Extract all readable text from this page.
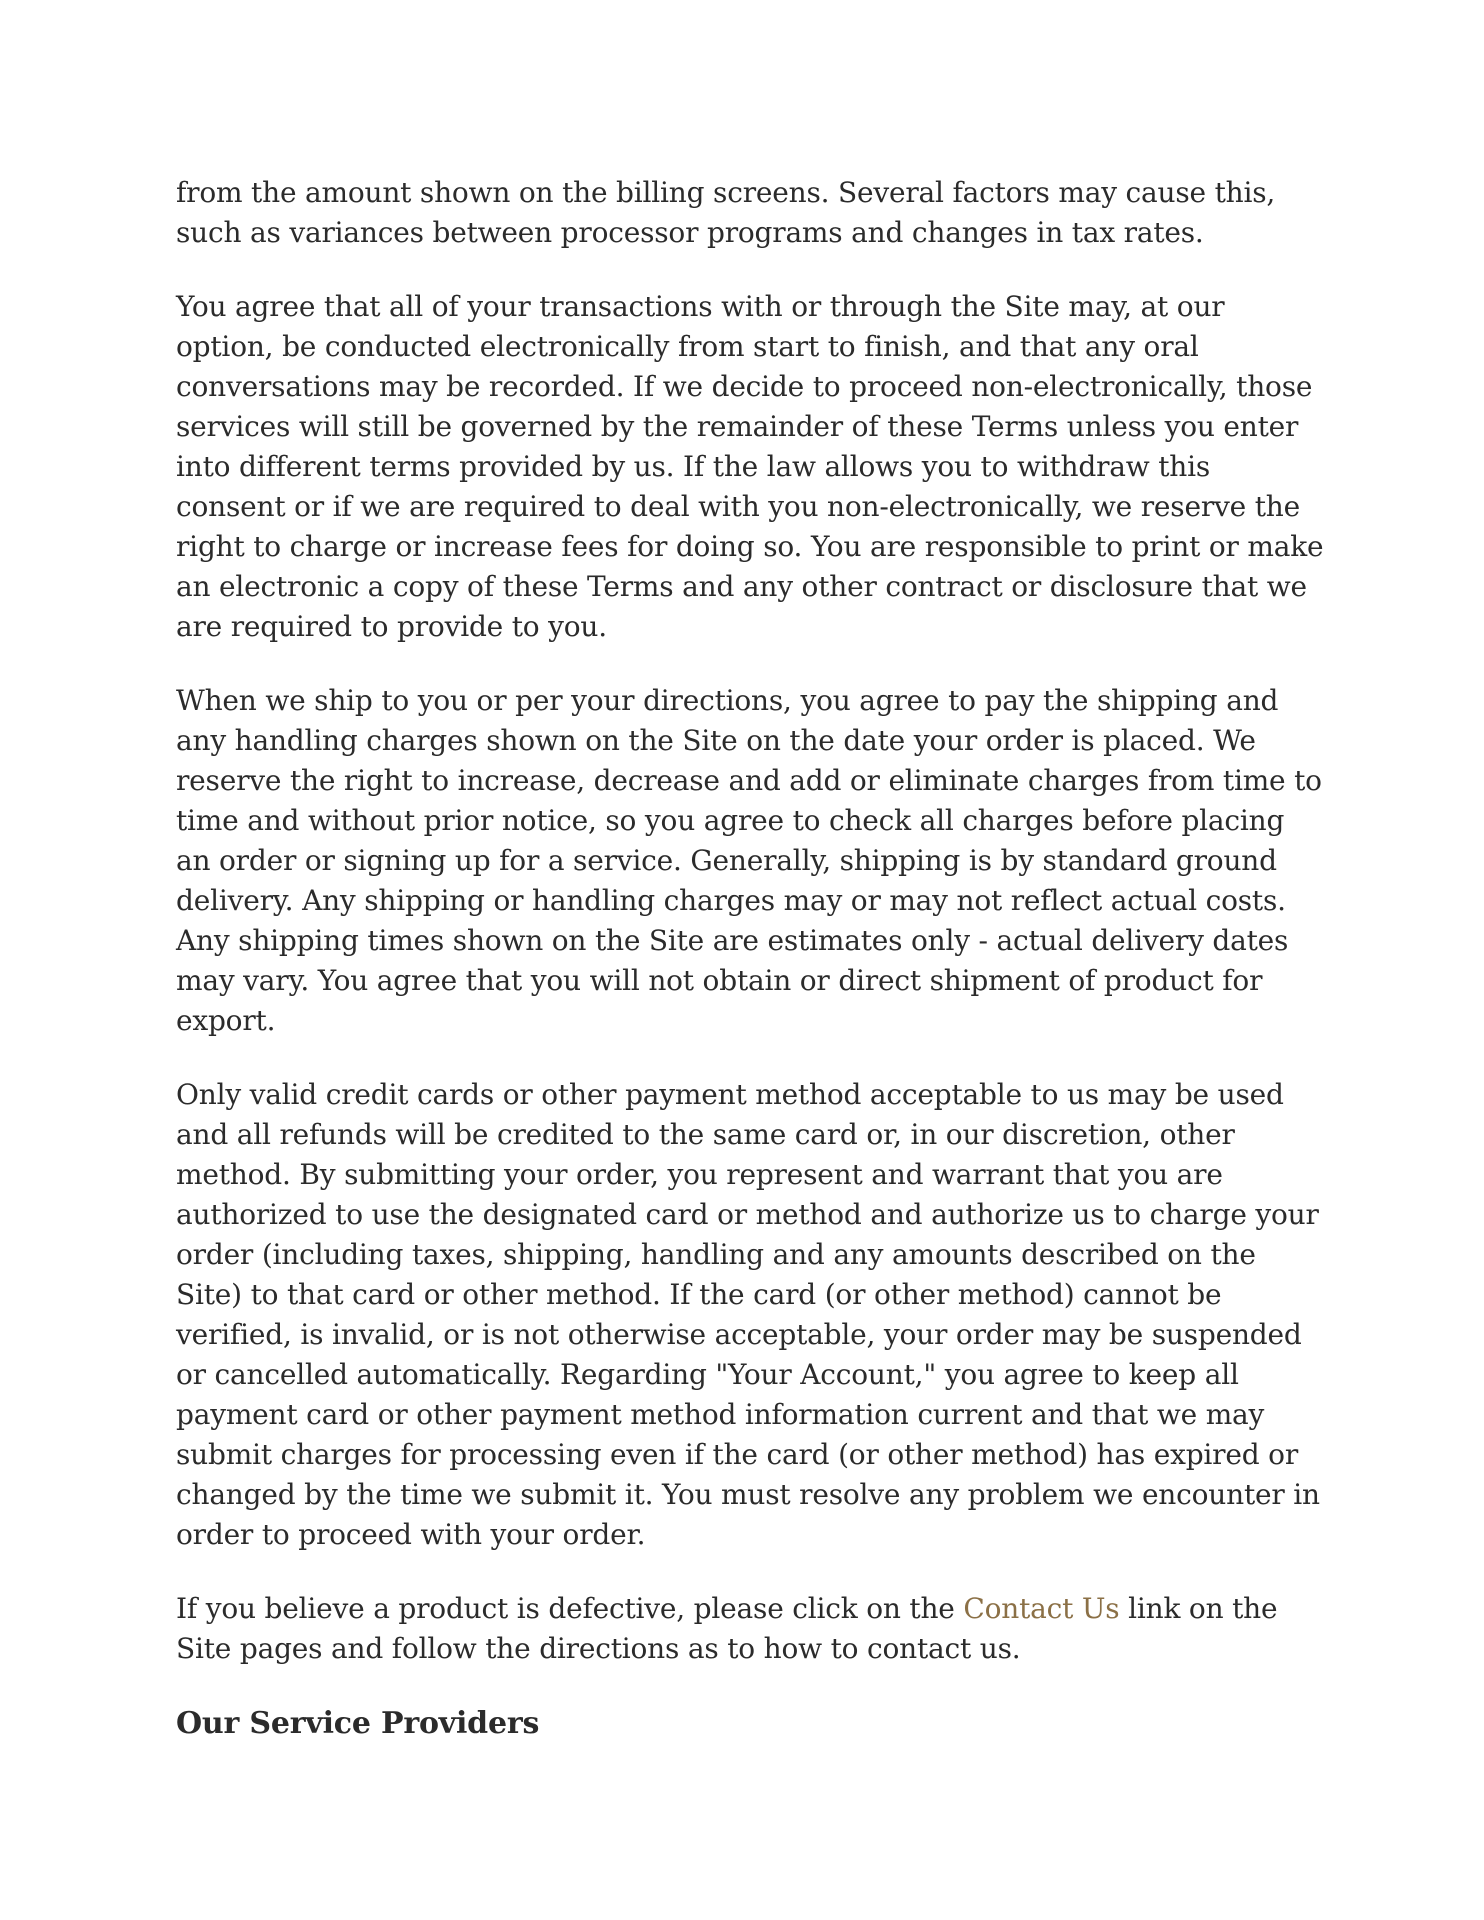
from the amount shown on the billing screens. Several factors may cause this, such as variances between processor programs and changes in tax rates.

You agree that all of your transactions with or through the Site may, at our option, be conducted electronically from start to finish, and that any oral conversations may be recorded. If we decide to proceed non-electronically, those services will still be governed by the remainder of these Terms unless you enter into different terms provided by us. If the law allows you to withdraw this consent or if we are required to deal with you non-electronically, we reserve the right to charge or increase fees for doing so. You are responsible to print or make an electronic a copy of these Terms and any other contract or disclosure that we are required to provide to you.

When we ship to you or per your directions, you agree to pay the shipping and any handling charges shown on the Site on the date your order is placed. We reserve the right to increase, decrease and add or eliminate charges from time to time and without prior notice, so you agree to check all charges before placing an order or signing up for a service. Generally, shipping is by standard ground delivery. Any shipping or handling charges may or may not reflect actual costs. Any shipping times shown on the Site are estimates only - actual delivery dates may vary. You agree that you will not obtain or direct shipment of product for export.

Only valid credit cards or other payment method acceptable to us may be used and all refunds will be credited to the same card or, in our discretion, other method. By submitting your order, you represent and warrant that you are authorized to use the designated card or method and authorize us to charge your order (including taxes, shipping, handling and any amounts described on the Site) to that card or other method. If the card (or other method) cannot be verified, is invalid, or is not otherwise acceptable, your order may be suspended or cancelled automatically. Regarding "Your Account," you agree to keep all payment card or other payment method information current and that we may submit charges for processing even if the card (or other method) has expired or changed by the time we submit it. You must resolve any problem we encounter in order to proceed with your order.

If you believe a product is defective, please click on the Contact Us link on the Site pages and follow the directions as to how to contact us.

Our Service Providers
